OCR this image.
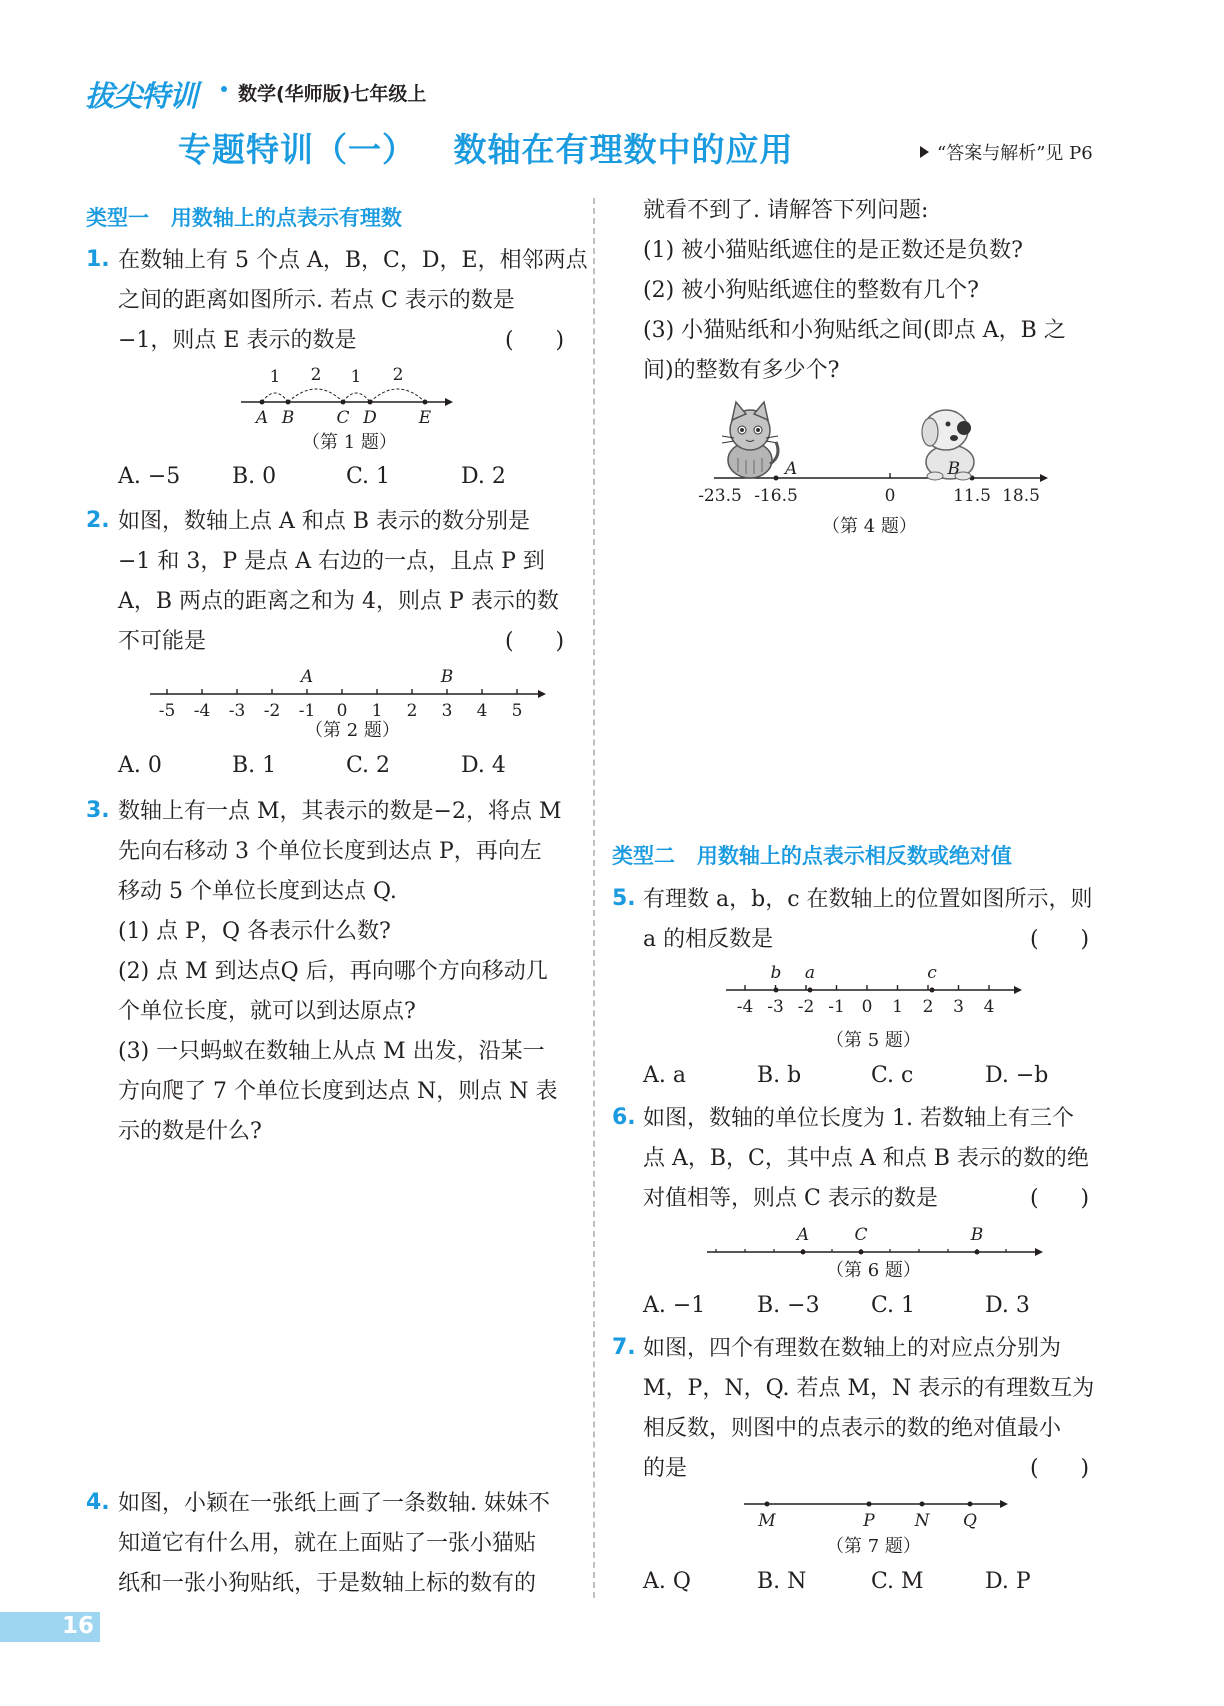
拔尖特训 数学(华师版)七年级上
专题特训（一）   数轴在有理数中的应用	“答案与解析”见 P6
类型一   用数轴上的点表示有理数
1. 在数轴上有 5 个点 A，B，C，D，E，相邻两点
之间的距离如图所示. 若点 C 表示的数是
−1，则点 E 表示的数是	(      )
1 2 1 2
A B C D E
（第 1 题）
A. −5 B. 0	C. 1	D. 2
2. 如图，数轴上点 A 和点 B 表示的数分别是
−1 和 3，P 是点 A 右边的一点，且点 P 到
A，B 两点的距离之和为 4，则点 P 表示的数
不可能是	(      )
A	B
-5 -4 -3 -2 -1 0 1 2 3 4 5
（第 2 题）
A. 0	B. 1	C. 2	D. 4
3. 数轴上有一点 M，其表示的数是−2，将点 M
先向右移动 3 个单位长度到达点 P，再向左
移动 5 个单位长度到达点 Q.
(1) 点 P，Q 各表示什么数?
(2) 点 M 到达点Q 后，再向哪个方向移动几
个单位长度，就可以到达原点?
(3) 一只蚂蚁在数轴上从点 M 出发，沿某一
方向爬了 7 个单位长度到达点 N，则点 N 表
示的数是什么?
4. 如图，小颖在一张纸上画了一条数轴. 妹妹不
知道它有什么用，就在上面贴了一张小猫贴
纸和一张小狗贴纸，于是数轴上标的数有的
就看不到了. 请解答下列问题:
(1) 被小猫贴纸遮住的是正数还是负数?
(2) 被小狗贴纸遮住的整数有几个?
(3) 小猫贴纸和小狗贴纸之间(即点 A，B 之
间)的整数有多少个?
A	B
-23.5 -16.5	0	11.5 18.5
（第 4 题）
类型二   用数轴上的点表示相反数或绝对值
5. 有理数 a，b，c 在数轴上的位置如图所示，则
a 的相反数是	(      )
b a	c
-4 -3 -2 -1 0 1 2 3 4
（第 5 题）
A. a	B. b	C. c	D. −b
6. 如图，数轴的单位长度为 1. 若数轴上有三个
点 A，B，C，其中点 A 和点 B 表示的数的绝
对值相等，则点 C 表示的数是	(      )
A	C	B
（第 6 题）
A. −1 B. −3 C. 1	D. 3
7. 如图，四个有理数在数轴上的对应点分别为
M，P，N，Q. 若点 M，N 表示的有理数互为
相反数，则图中的点表示的数的绝对值最小
的是	(      )
M	P N Q
（第 7 题）
A. Q	B. N	C. M	D. P
16
